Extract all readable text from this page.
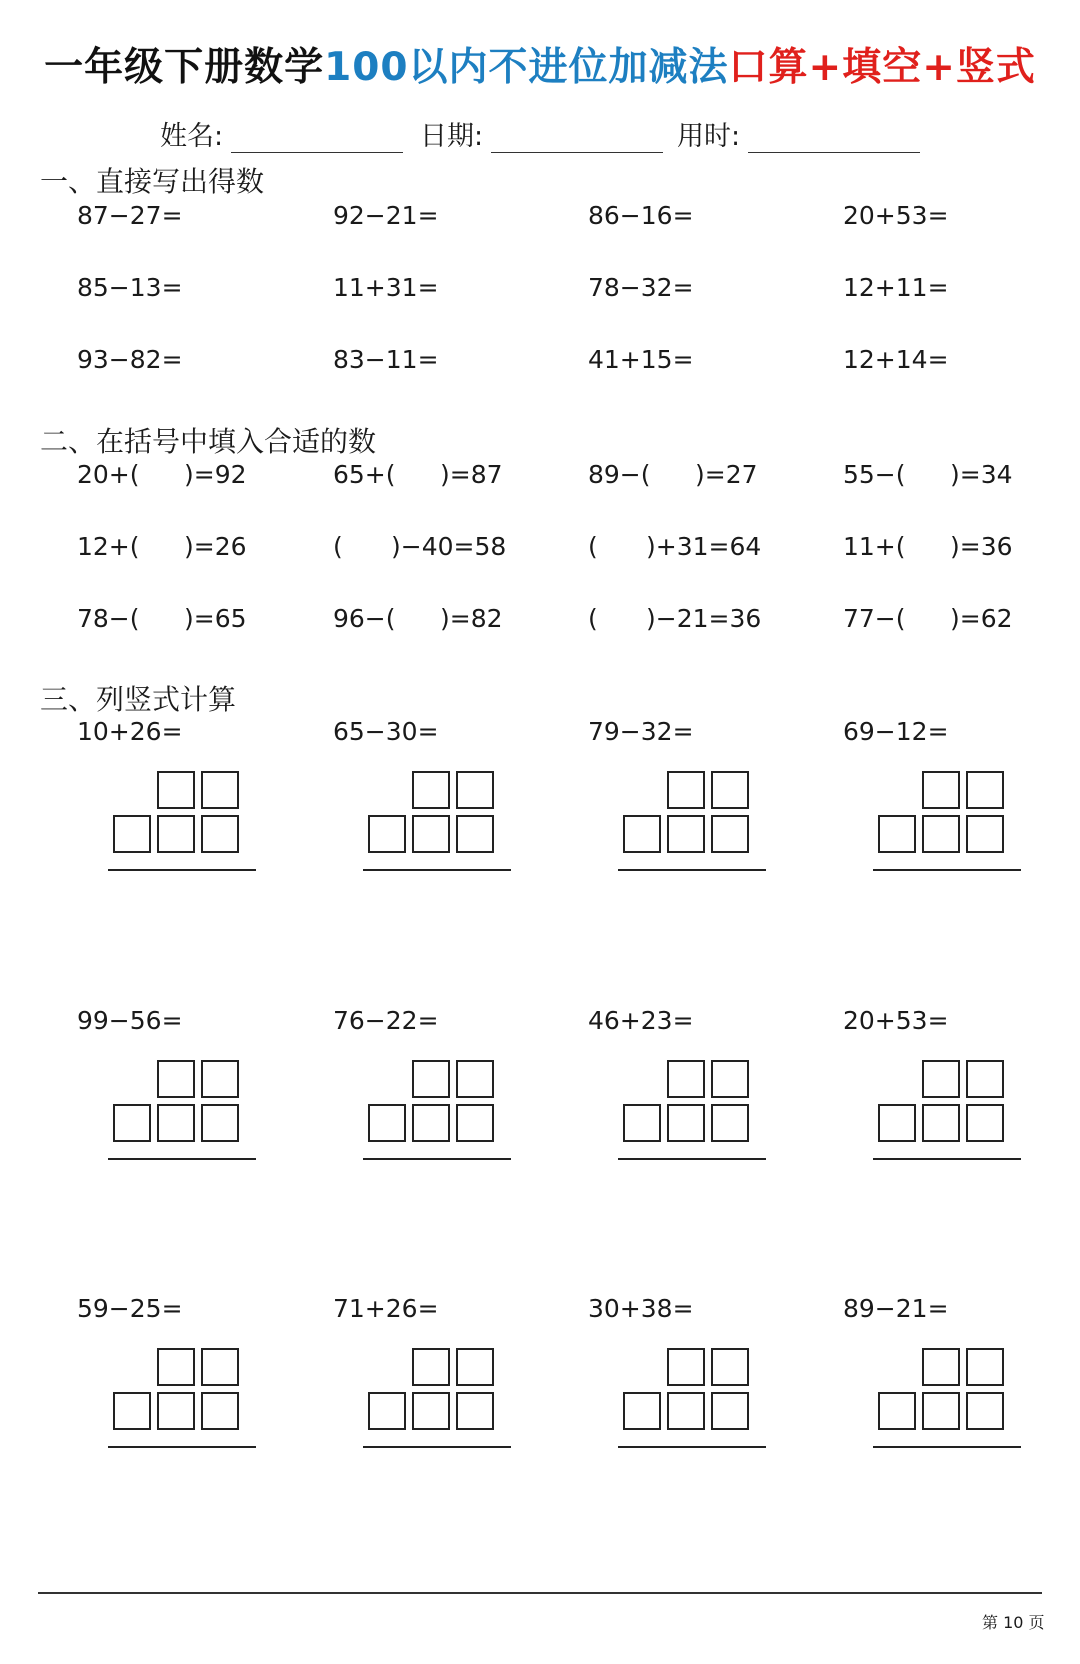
一年级下册数学100以内不进位加减法口算+填空+竖式
姓名:	日期:	用时:
一、直接写出得数
87−27=	92−21=	86−16=	20+53=
85−13=	11+31=	78−32=	12+11=
93−82=	83−11=	41+15=	12+14=
二、在括号中填入合适的数
20+( )=92	65+( )=87	89−( )=27	55−( )=34
12+( )=26	( )−40=58	( )+31=64	11+( )=36
78−( )=65	96−( )=82	( )−21=36	77−( )=62
三、列竖式计算
10+26=	65−30=	79−32=	69−12=
99−56=	76−22=	46+23=	20+53=
59−25=	71+26=	30+38=	89−21=
第 10 页
